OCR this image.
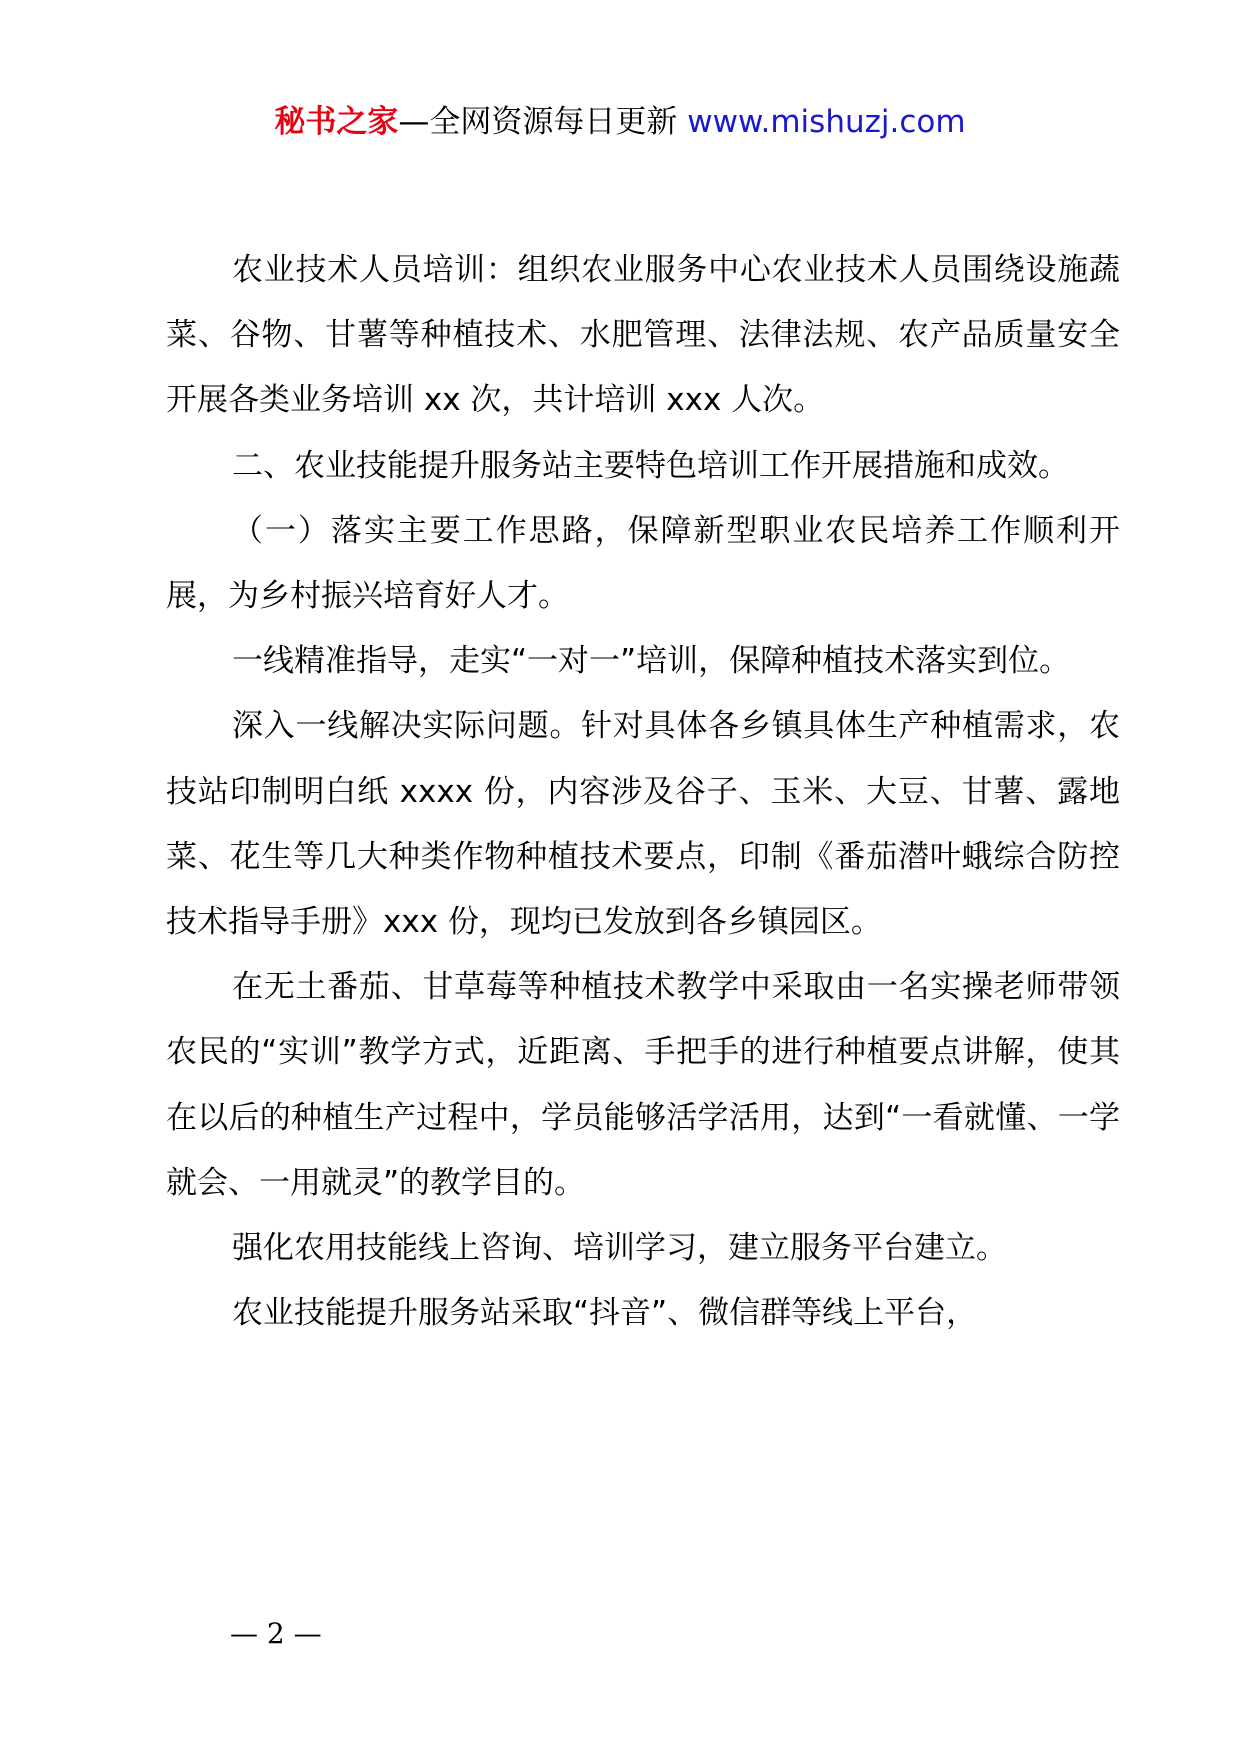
秘书之家—全网资源每日更新 www.mishuzj.com

农业技术人员培训：组织农业服务中心农业技术人员围绕设施蔬菜、谷物、甘薯等种植技术、水肥管理、法律法规、农产品质量安全开展各类业务培训 xx 次，共计培训 xxx 人次。

二、农业技能提升服务站主要特色培训工作开展措施和成效。

（一）落实主要工作思路，保障新型职业农民培养工作顺利开展，为乡村振兴培育好人才。

一线精准指导，走实“一对一”培训，保障种植技术落实到位。

深入一线解决实际问题。针对具体各乡镇具体生产种植需求，农技站印制明白纸 xxxx 份，内容涉及谷子、玉米、大豆、甘薯、露地菜、花生等几大种类作物种植技术要点，印制《番茄潜叶蛾综合防控技术指导手册》xxx 份，现均已发放到各乡镇园区。

在无土番茄、甘草莓等种植技术教学中采取由一名实操老师带领农民的“实训”教学方式，近距离、手把手的进行种植要点讲解，使其在以后的种植生产过程中，学员能够活学活用，达到“一看就懂、一学就会、一用就灵”的教学目的。

强化农用技能线上咨询、培训学习，建立服务平台建立。

农业技能提升服务站采取“抖音”、微信群等线上平台，

— 2 —
